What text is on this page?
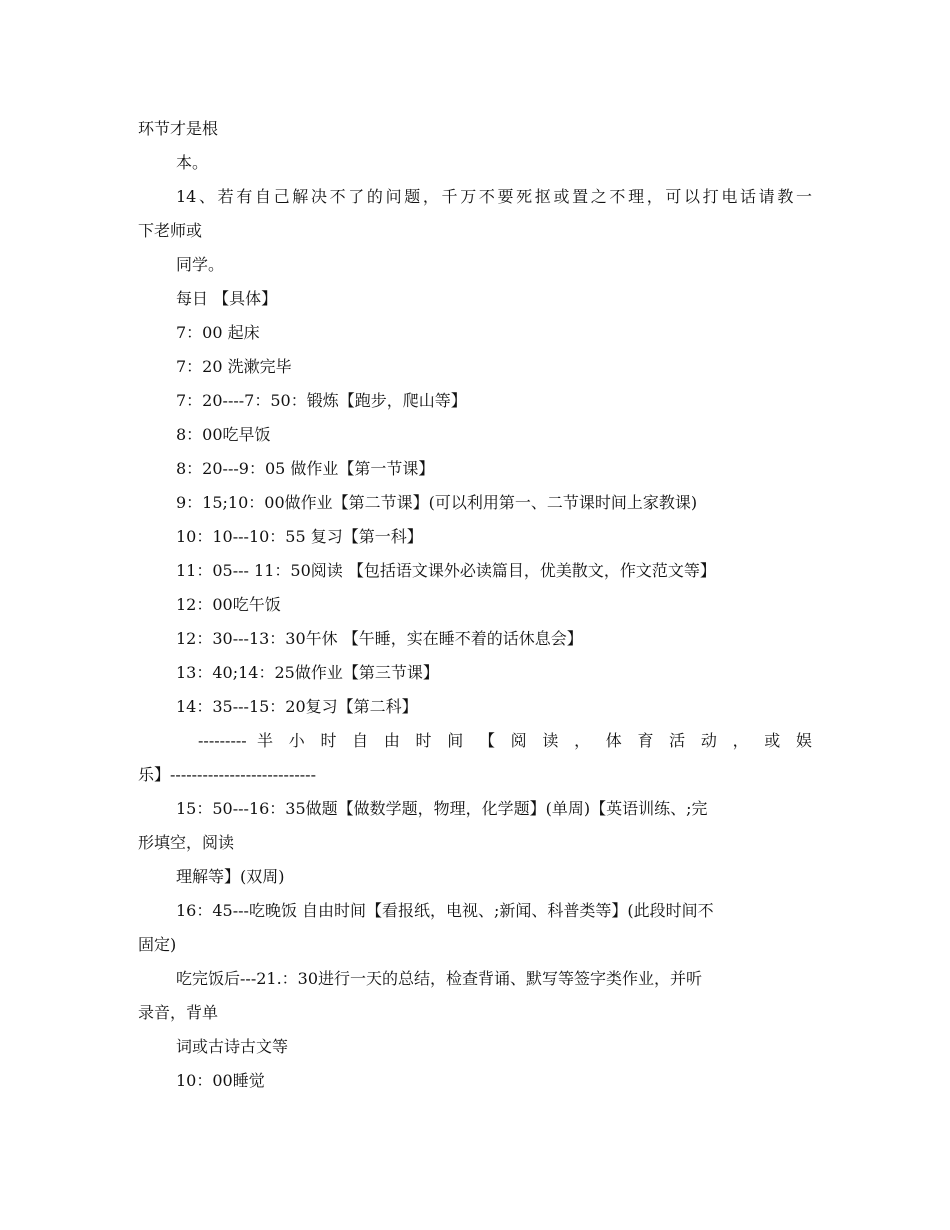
环节才是根
本。
14、若有自己解决不了的问题，千万不要死抠或置之不理，可以打电话请教一
下老师或
同学。
每日 【具体】
7：00 起床
7：20 洗漱完毕
7：20----7：50：锻炼【跑步，爬山等】
8：00吃早饭
8：20---9：05 做作业【第一节课】
9：15;10：00做作业【第二节课】(可以利用第一、二节课时间上家教课)
10：10---10：55 复习【第一科】
11：05--- 11：50阅读 【包括语文课外必读篇目，优美散文，作文范文等】
12：00吃午饭
12：30---13：30午休 【午睡，实在睡不着的话休息会】
13：40;14：25做作业【第三节课】
14：35---15：20复习【第二科】
--------- 半 小 时 自 由 时 间 【 阅 读 ， 体 育 活 动 ， 或 娱
乐】---------------------------
15：50---16：35做题【做数学题，物理，化学题】(单周)【英语训练、;完
形填空，阅读
理解等】(双周)
16：45---吃晚饭 自由时间【看报纸，电视、;新闻、科普类等】(此段时间不
固定)
吃完饭后---21.：30进行一天的总结，检查背诵、默写等签字类作业，并听
录音，背单
词或古诗古文等
10：00睡觉
